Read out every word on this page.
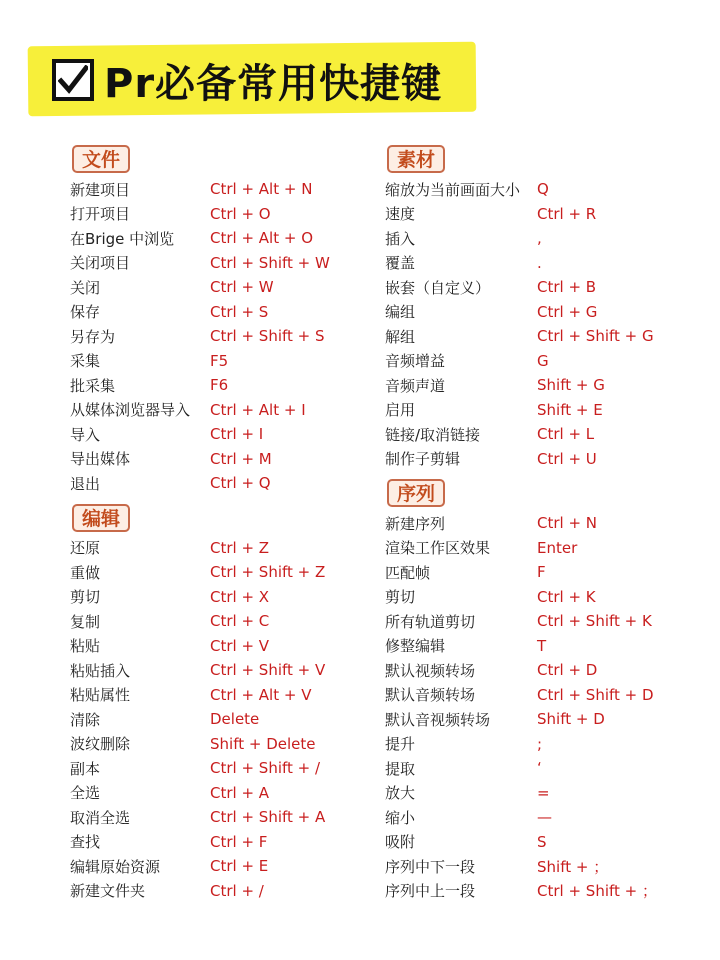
Pr必备常用快捷键
文件
新建项目	Ctrl + Alt + N
打开项目	Ctrl + O
在Brige 中浏览	Ctrl + Alt + O
关闭项目	Ctrl + Shift + W
关闭	Ctrl + W
保存	Ctrl + S
另存为	Ctrl + Shift + S
采集	F5
批采集	F6
从媒体浏览器导入	Ctrl + Alt + I
导入	Ctrl + I
导出媒体	Ctrl + M
退出	Ctrl + Q
编辑
还原	Ctrl + Z
重做	Ctrl + Shift + Z
剪切	Ctrl + X
复制	Ctrl + C
粘贴	Ctrl + V
粘贴插入	Ctrl + Shift + V
粘贴属性	Ctrl + Alt + V
清除	Delete
波纹删除	Shift + Delete
副本	Ctrl + Shift + /
全选	Ctrl + A
取消全选	Ctrl + Shift + A
查找	Ctrl + F
编辑原始资源	Ctrl + E
新建文件夹	Ctrl + /
素材
缩放为当前画面大小	Q
速度	Ctrl + R
插入	,
覆盖	.
嵌套（自定义）	Ctrl + B
编组	Ctrl + G
解组	Ctrl + Shift + G
音频增益	G
音频声道	Shift + G
启用	Shift + E
链接/取消链接	Ctrl + L
制作子剪辑	Ctrl + U
序列
新建序列	Ctrl + N
渲染工作区效果	Enter
匹配帧	F
剪切	Ctrl + K
所有轨道剪切	Ctrl + Shift + K
修整编辑	T
默认视频转场	Ctrl + D
默认音频转场	Ctrl + Shift + D
默认音视频转场	Shift + D
提升	;
提取	‘
放大	=
缩小	—
吸附	S
序列中下一段	Shift + ；
序列中上一段	Ctrl + Shift + ；
